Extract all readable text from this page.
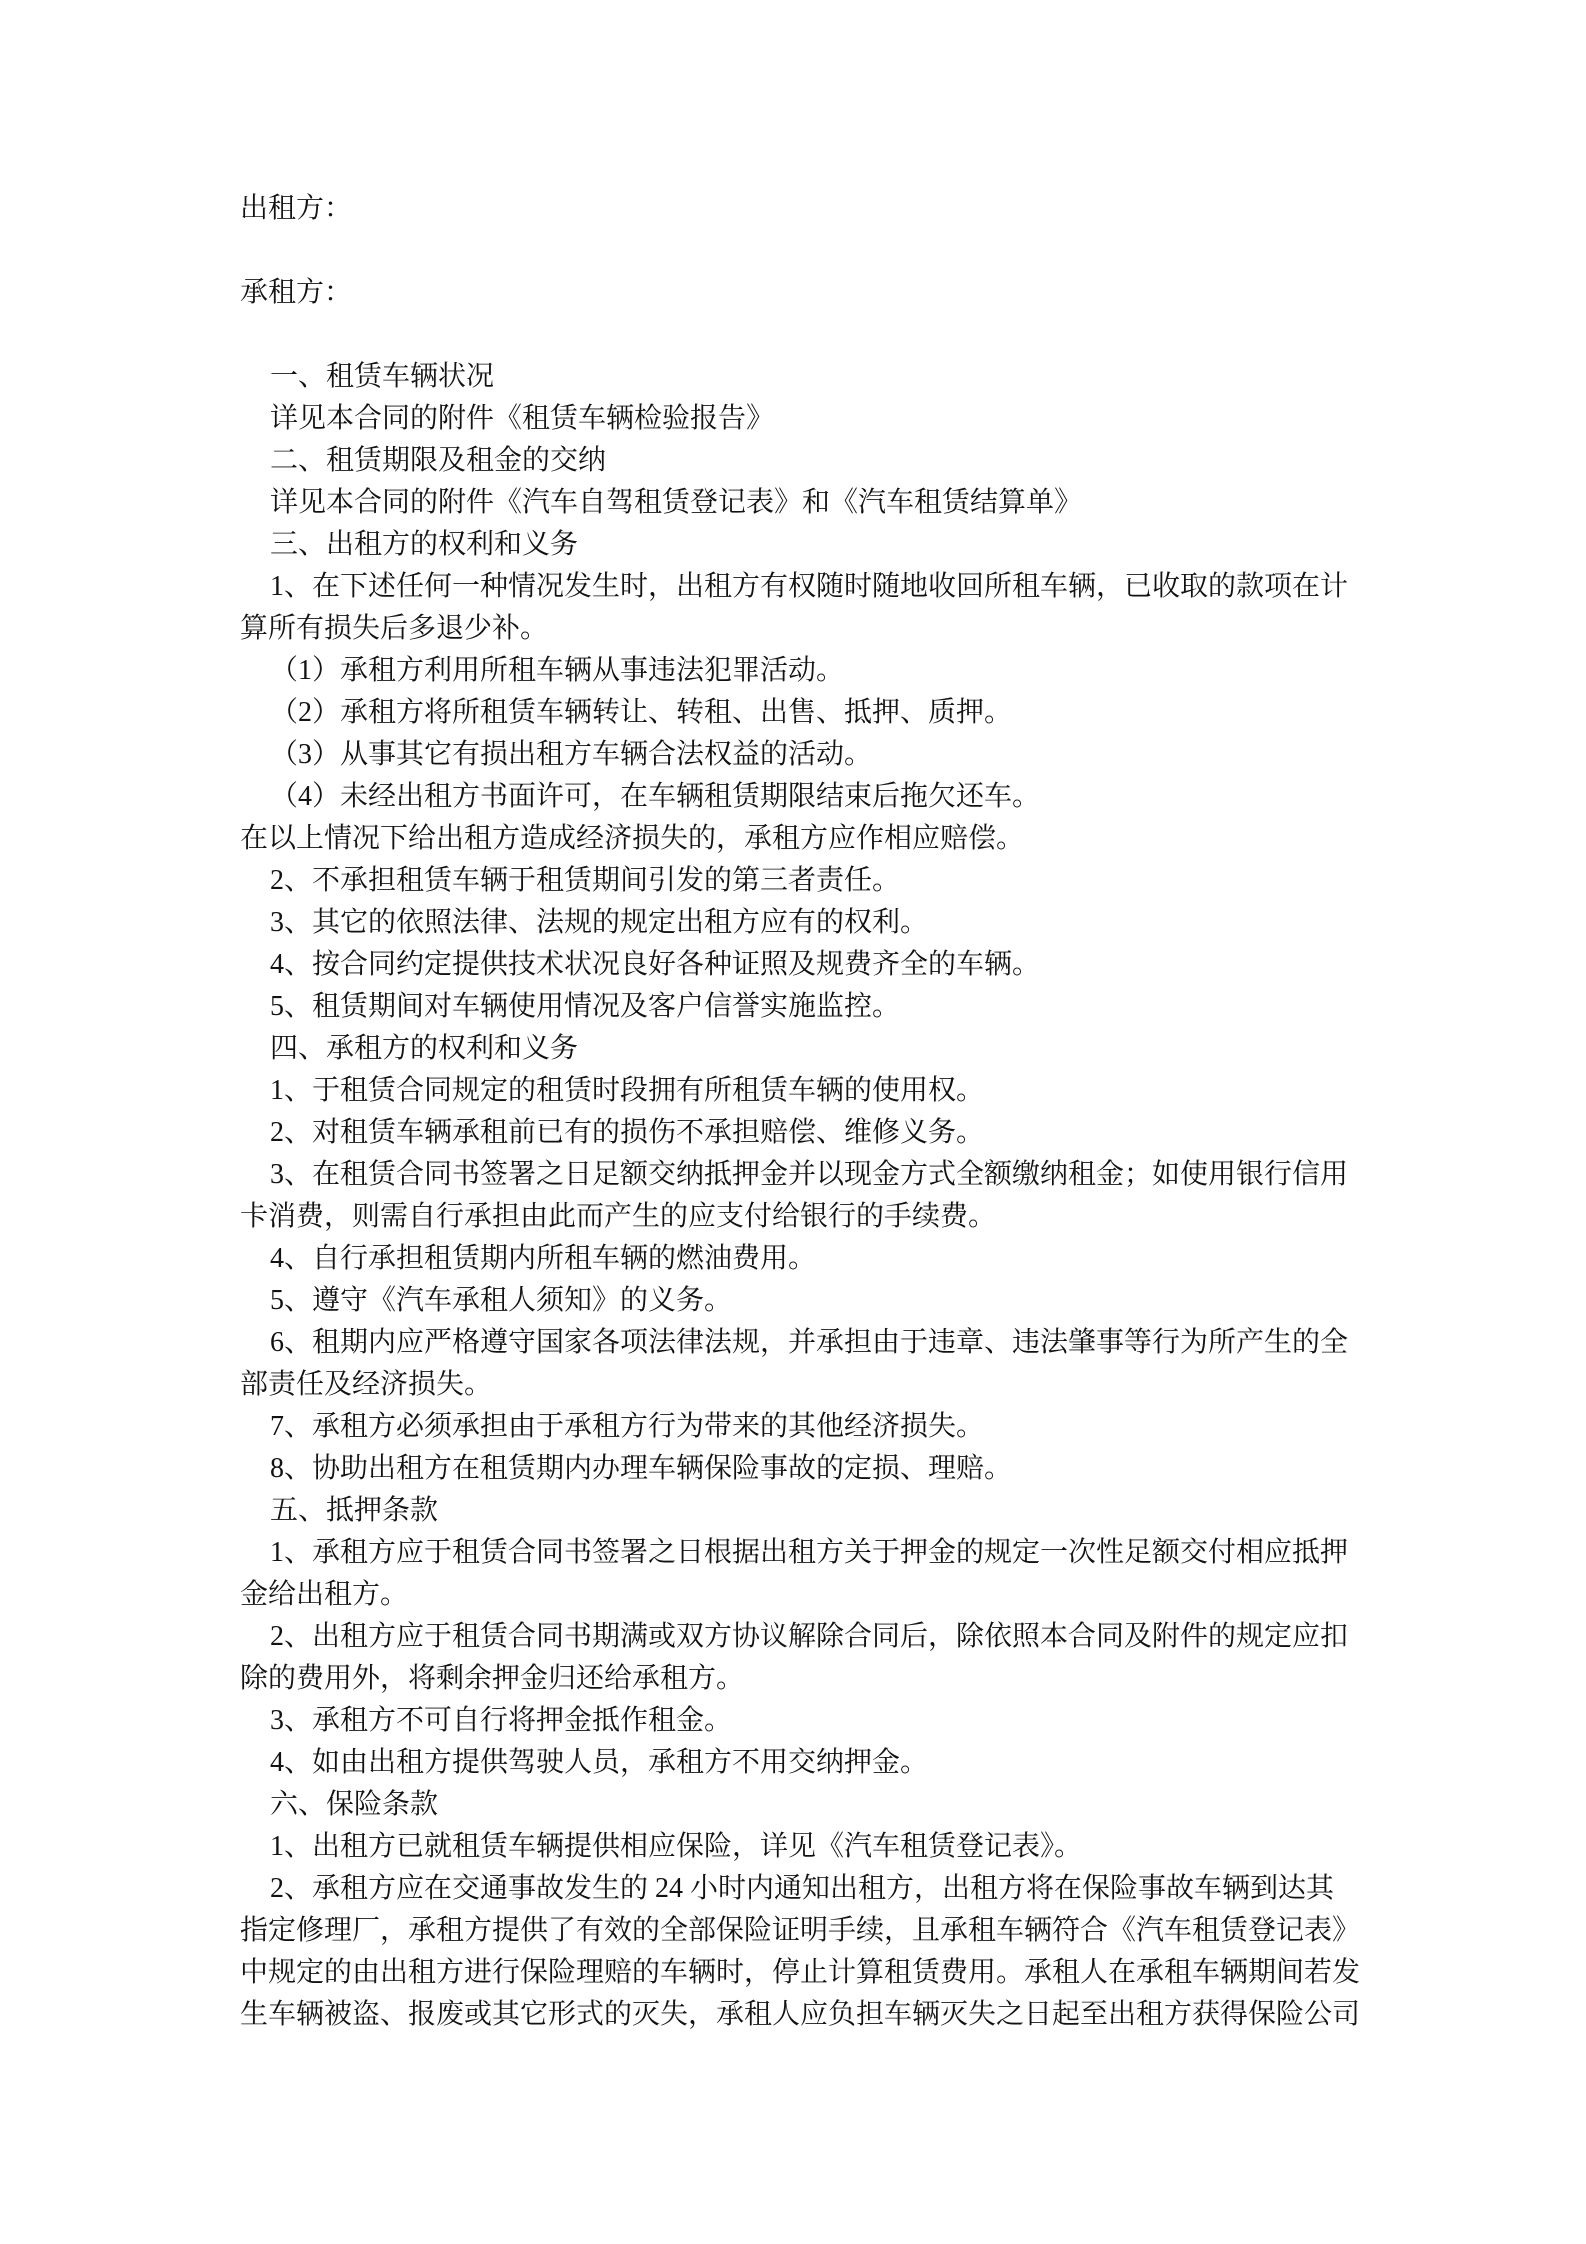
出租方：
承租方：
一、租赁车辆状况
详见本合同的附件《租赁车辆检验报告》
二、租赁期限及租金的交纳
详见本合同的附件《汽车自驾租赁登记表》和《汽车租赁结算单》
三、出租方的权利和义务
1、在下述任何一种情况发生时，出租方有权随时随地收回所租车辆，已收取的款项在计
算所有损失后多退少补。
（1）承租方利用所租车辆从事违法犯罪活动。
（2）承租方将所租赁车辆转让、转租、出售、抵押、质押。
（3）从事其它有损出租方车辆合法权益的活动。
（4）未经出租方书面许可，在车辆租赁期限结束后拖欠还车。
在以上情况下给出租方造成经济损失的，承租方应作相应赔偿。
2、不承担租赁车辆于租赁期间引发的第三者责任。
3、其它的依照法律、法规的规定出租方应有的权利。
4、按合同约定提供技术状况良好各种证照及规费齐全的车辆。
5、租赁期间对车辆使用情况及客户信誉实施监控。
四、承租方的权利和义务
1、于租赁合同规定的租赁时段拥有所租赁车辆的使用权。
2、对租赁车辆承租前已有的损伤不承担赔偿、维修义务。
3、在租赁合同书签署之日足额交纳抵押金并以现金方式全额缴纳租金；如使用银行信用
卡消费，则需自行承担由此而产生的应支付给银行的手续费。
4、自行承担租赁期内所租车辆的燃油费用。
5、遵守《汽车承租人须知》的义务。
6、租期内应严格遵守国家各项法律法规，并承担由于违章、违法肇事等行为所产生的全
部责任及经济损失。
7、承租方必须承担由于承租方行为带来的其他经济损失。
8、协助出租方在租赁期内办理车辆保险事故的定损、理赔。
五、抵押条款
1、承租方应于租赁合同书签署之日根据出租方关于押金的规定一次性足额交付相应抵押
金给出租方。
2、出租方应于租赁合同书期满或双方协议解除合同后，除依照本合同及附件的规定应扣
除的费用外，将剩余押金归还给承租方。
3、承租方不可自行将押金抵作租金。
4、如由出租方提供驾驶人员，承租方不用交纳押金。
六、保险条款
1、出租方已就租赁车辆提供相应保险，详见《汽车租赁登记表》。
2、承租方应在交通事故发生的 24 小时内通知出租方，出租方将在保险事故车辆到达其
指定修理厂，承租方提供了有效的全部保险证明手续，且承租车辆符合《汽车租赁登记表》
中规定的由出租方进行保险理赔的车辆时，停止计算租赁费用。承租人在承租车辆期间若发
生车辆被盗、报废或其它形式的灭失，承租人应负担车辆灭失之日起至出租方获得保险公司
